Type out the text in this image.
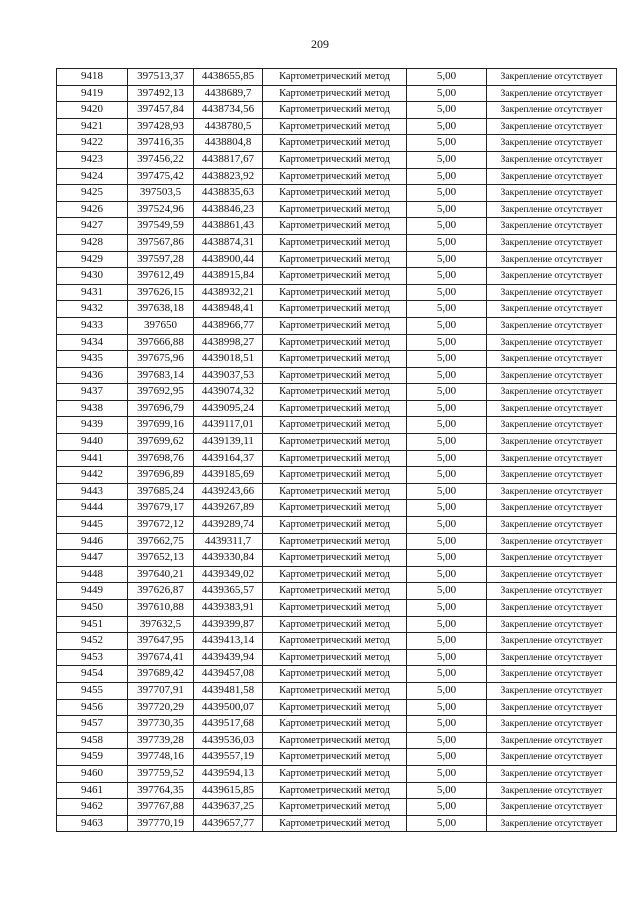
209
9418	397513,37	4438655,85	Картометрический метод	5,00	Закрепление отсутствует
9419	397492,13	4438689,7	Картометрический метод	5,00	Закрепление отсутствует
9420	397457,84	4438734,56	Картометрический метод	5,00	Закрепление отсутствует
9421	397428,93	4438780,5	Картометрический метод	5,00	Закрепление отсутствует
9422	397416,35	4438804,8	Картометрический метод	5,00	Закрепление отсутствует
9423	397456,22	4438817,67	Картометрический метод	5,00	Закрепление отсутствует
9424	397475,42	4438823,92	Картометрический метод	5,00	Закрепление отсутствует
9425	397503,5	4438835,63	Картометрический метод	5,00	Закрепление отсутствует
9426	397524,96	4438846,23	Картометрический метод	5,00	Закрепление отсутствует
9427	397549,59	4438861,43	Картометрический метод	5,00	Закрепление отсутствует
9428	397567,86	4438874,31	Картометрический метод	5,00	Закрепление отсутствует
9429	397597,28	4438900,44	Картометрический метод	5,00	Закрепление отсутствует
9430	397612,49	4438915,84	Картометрический метод	5,00	Закрепление отсутствует
9431	397626,15	4438932,21	Картометрический метод	5,00	Закрепление отсутствует
9432	397638,18	4438948,41	Картометрический метод	5,00	Закрепление отсутствует
9433	397650	4438966,77	Картометрический метод	5,00	Закрепление отсутствует
9434	397666,88	4438998,27	Картометрический метод	5,00	Закрепление отсутствует
9435	397675,96	4439018,51	Картометрический метод	5,00	Закрепление отсутствует
9436	397683,14	4439037,53	Картометрический метод	5,00	Закрепление отсутствует
9437	397692,95	4439074,32	Картометрический метод	5,00	Закрепление отсутствует
9438	397696,79	4439095,24	Картометрический метод	5,00	Закрепление отсутствует
9439	397699,16	4439117,01	Картометрический метод	5,00	Закрепление отсутствует
9440	397699,62	4439139,11	Картометрический метод	5,00	Закрепление отсутствует
9441	397698,76	4439164,37	Картометрический метод	5,00	Закрепление отсутствует
9442	397696,89	4439185,69	Картометрический метод	5,00	Закрепление отсутствует
9443	397685,24	4439243,66	Картометрический метод	5,00	Закрепление отсутствует
9444	397679,17	4439267,89	Картометрический метод	5,00	Закрепление отсутствует
9445	397672,12	4439289,74	Картометрический метод	5,00	Закрепление отсутствует
9446	397662,75	4439311,7	Картометрический метод	5,00	Закрепление отсутствует
9447	397652,13	4439330,84	Картометрический метод	5,00	Закрепление отсутствует
9448	397640,21	4439349,02	Картометрический метод	5,00	Закрепление отсутствует
9449	397626,87	4439365,57	Картометрический метод	5,00	Закрепление отсутствует
9450	397610,88	4439383,91	Картометрический метод	5,00	Закрепление отсутствует
9451	397632,5	4439399,87	Картометрический метод	5,00	Закрепление отсутствует
9452	397647,95	4439413,14	Картометрический метод	5,00	Закрепление отсутствует
9453	397674,41	4439439,94	Картометрический метод	5,00	Закрепление отсутствует
9454	397689,42	4439457,08	Картометрический метод	5,00	Закрепление отсутствует
9455	397707,91	4439481,58	Картометрический метод	5,00	Закрепление отсутствует
9456	397720,29	4439500,07	Картометрический метод	5,00	Закрепление отсутствует
9457	397730,35	4439517,68	Картометрический метод	5,00	Закрепление отсутствует
9458	397739,28	4439536,03	Картометрический метод	5,00	Закрепление отсутствует
9459	397748,16	4439557,19	Картометрический метод	5,00	Закрепление отсутствует
9460	397759,52	4439594,13	Картометрический метод	5,00	Закрепление отсутствует
9461	397764,35	4439615,85	Картометрический метод	5,00	Закрепление отсутствует
9462	397767,88	4439637,25	Картометрический метод	5,00	Закрепление отсутствует
9463	397770,19	4439657,77	Картометрический метод	5,00	Закрепление отсутствует
